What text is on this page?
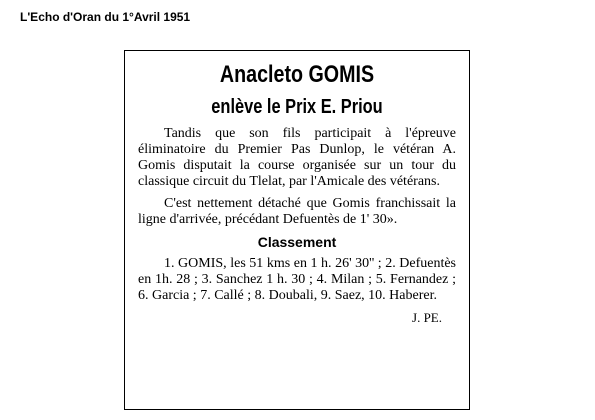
L'Echo d'Oran du 1°Avril 1951
Anacleto GOMIS
enlève le Prix E. Priou

Tandis que son fils participait à l'épreuve éliminatoire du Premier Pas Dunlop, le vétéran A. Gomis disputait la course organisée sur un tour du classique circuit du Tlelat, par l'Amicale des vétérans.

C'est nettement détaché que Gomis franchissait la ligne d'arrivée, précédant Defuentès de 1' 30».

Classement

1. GOMIS, les 51 kms en 1 h. 26' 30'' ; 2. Defuentès en 1h. 28 ; 3. Sanchez 1 h. 30 ; 4. Milan ; 5. Fernandez ; 6. Garcia ; 7. Callé ; 8. Doubali, 9. Saez, 10. Haberer.

J. PE.
